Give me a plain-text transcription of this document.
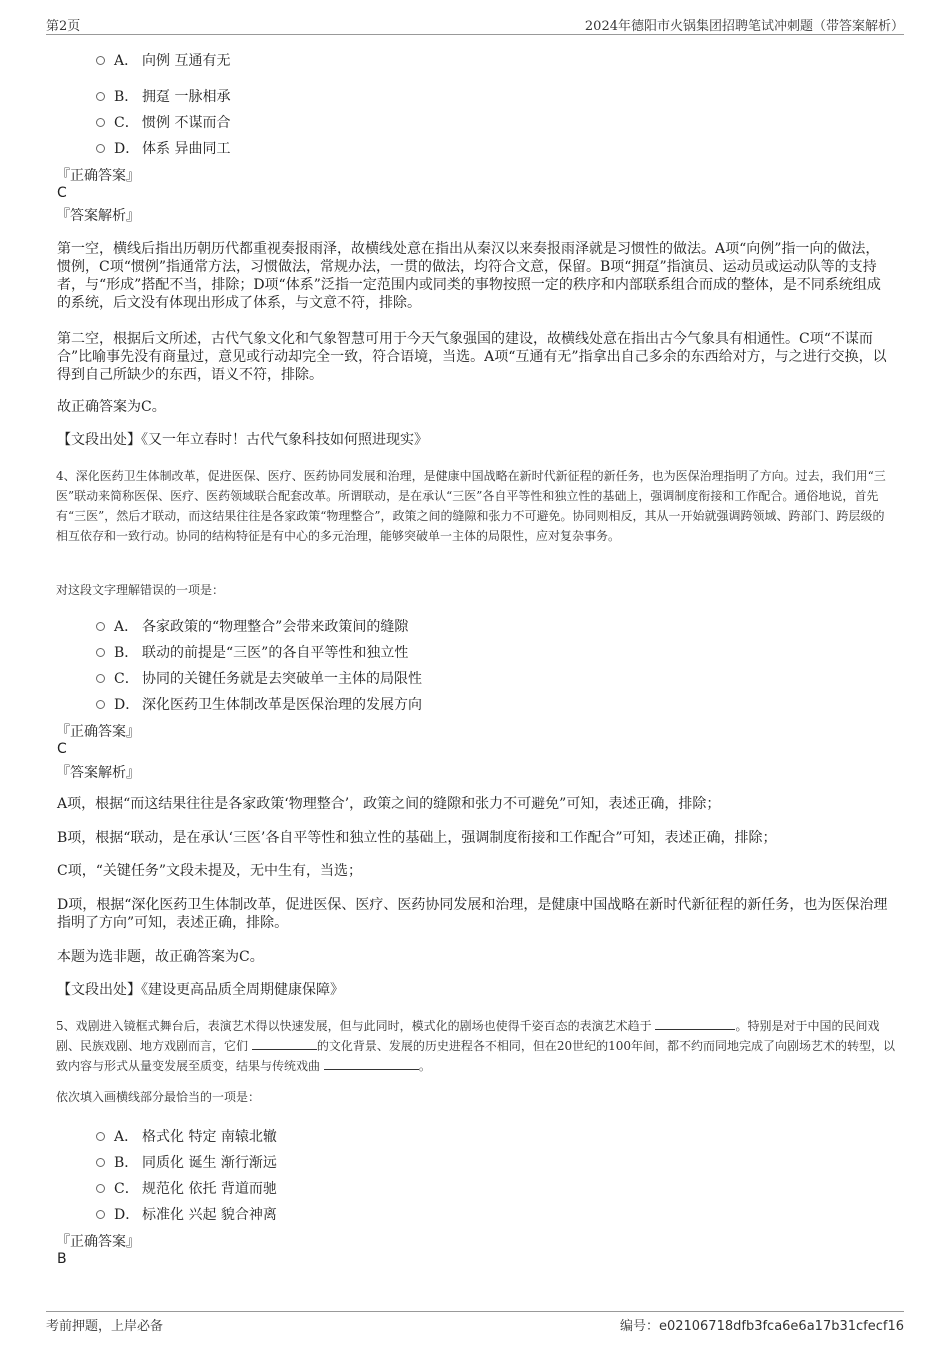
第2页	2024年德阳市火锅集团招聘笔试冲刺题（带答案解析）
A． 向例 互通有无
B． 拥趸 一脉相承
C． 惯例 不谋而合
D． 体系 异曲同工
『正确答案』
C
『答案解析』
第一空，横线后指出历朝历代都重视奏报雨泽，故横线处意在指出从秦汉以来奏报雨泽就是习惯性的做法。A项“向例”指一向的做法，惯例，C项“惯例”指通常方法，习惯做法，常规办法，一贯的做法，均符合文意，保留。B项“拥趸”指演员、运动员或运动队等的支持者，与“形成”搭配不当，排除；D项“体系”泛指一定范围内或同类的事物按照一定的秩序和内部联系组合而成的整体，是不同系统组成的系统，后文没有体现出形成了体系，与文意不符，排除。
第二空，根据后文所述，古代气象文化和气象智慧可用于今天气象强国的建设，故横线处意在指出古今气象具有相通性。C项“不谋而合”比喻事先没有商量过，意见或行动却完全一致，符合语境，当选。A项“互通有无”指拿出自己多余的东西给对方，与之进行交换，以得到自己所缺少的东西，语义不符，排除。
故正确答案为C。
【文段出处】《又一年立春时！古代气象科技如何照进现实》
4、深化医药卫生体制改革，促进医保、医疗、医药协同发展和治理，是健康中国战略在新时代新征程的新任务，也为医保治理指明了方向。过去，我们用“三医”联动来简称医保、医疗、医药领域联合配套改革。所谓联动，是在承认“三医”各自平等性和独立性的基础上，强调制度衔接和工作配合。通俗地说，首先有“三医”，然后才联动，而这结果往往是各家政策“物理整合”，政策之间的缝隙和张力不可避免。协同则相反，其从一开始就强调跨领域、跨部门、跨层级的相互依存和一致行动。协同的结构特征是有中心的多元治理，能够突破单一主体的局限性，应对复杂事务。
对这段文字理解错误的一项是：
A． 各家政策的“物理整合”会带来政策间的缝隙
B． 联动的前提是“三医”的各自平等性和独立性
C． 协同的关键任务就是去突破单一主体的局限性
D． 深化医药卫生体制改革是医保治理的发展方向
『正确答案』
C
『答案解析』
A项，根据“而这结果往往是各家政策‘物理整合’，政策之间的缝隙和张力不可避免”可知，表述正确，排除；
B项，根据“联动，是在承认‘三医’各自平等性和独立性的基础上，强调制度衔接和工作配合”可知，表述正确，排除；
C项，“关键任务”文段未提及，无中生有，当选；
D项，根据“深化医药卫生体制改革，促进医保、医疗、医药协同发展和治理，是健康中国战略在新时代新征程的新任务，也为医保治理指明了方向”可知，表述正确，排除。
本题为选非题，故正确答案为C。
【文段出处】《建设更高品质全周期健康保障》
5、戏剧进入镜框式舞台后，表演艺术得以快速发展，但与此同时，模式化的剧场也使得千姿百态的表演艺术趋于	。特别是对于中国的民间戏剧、民族戏剧、地方戏剧而言，它们	的文化背景、发展的历史进程各不相同，但在20世纪的100年间，都不约而同地完成了向剧场艺术的转型，以致内容与形式从量变发展至质变，结果与传统戏曲	。
依次填入画横线部分最恰当的一项是：
A． 格式化 特定 南辕北辙
B． 同质化 诞生 渐行渐远
C． 规范化 依托 背道而驰
D． 标准化 兴起 貌合神离
『正确答案』
B
考前押题，上岸必备	编号：e02106718dfb3fca6e6a17b31cfecf16
